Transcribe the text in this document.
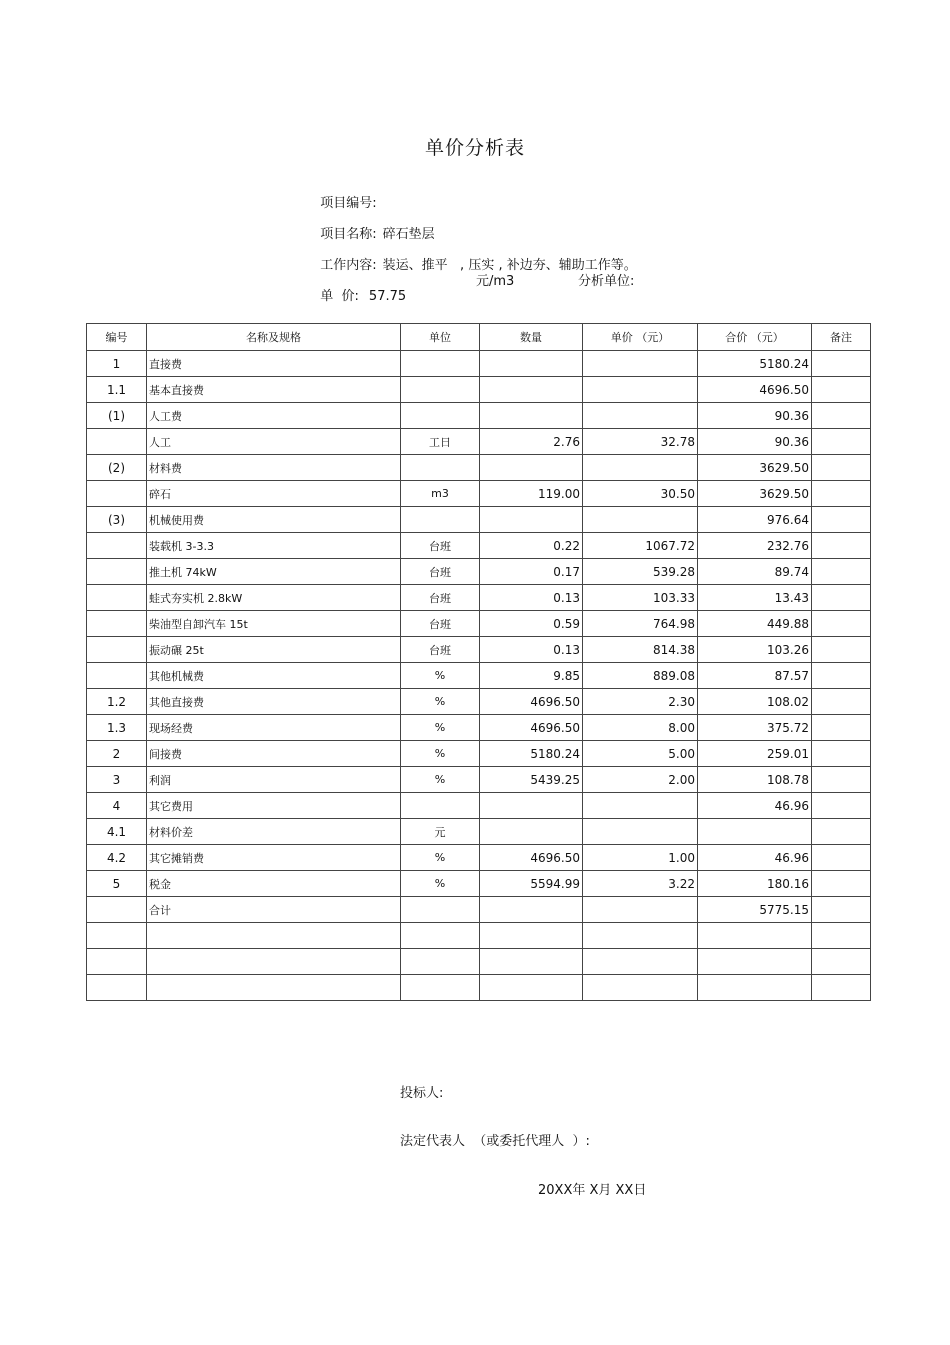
单价分析表

项目编号:

项目名称: 碎石垫层

工作内容: 装运、推平   , 压实 , 补边夯、辅助工作等。

单  价: 57.75

元/m3	分析单位:
编号	名称及规格	单位	数量	单价 （元）	合价 （元）	备注
1	直接费				5180.24	
1.1	基本直接费				4696.50	
(1)	人工费				90.36	
	人工	工日	2.76	32.78	90.36	
(2)	材料费				3629.50	
	碎石	m3	119.00	30.50	3629.50	
(3)	机械使用费				976.64	
	装载机 3-3.3	台班	0.22	1067.72	232.76	
	推土机 74kW	台班	0.17	539.28	89.74	
	蛙式夯实机 2.8kW	台班	0.13	103.33	13.43	
	柴油型自卸汽车 15t	台班	0.59	764.98	449.88	
	振动碾 25t	台班	0.13	814.38	103.26	
	其他机械费	%	9.85	889.08	87.57	
1.2	其他直接费	%	4696.50	2.30	108.02	
1.3	现场经费	%	4696.50	8.00	375.72	
2	间接费	%	5180.24	5.00	259.01	
3	利润	%	5439.25	2.00	108.78	
4	其它费用				46.96	
4.1	材料价差	元				
4.2	其它摊销费	%	4696.50	1.00	46.96	
5	税金	%	5594.99	3.22	180.16	
	合计				5775.15	

投标人:
法定代表人  （或委托代理人  ）:
20XX年 X月 XX日
